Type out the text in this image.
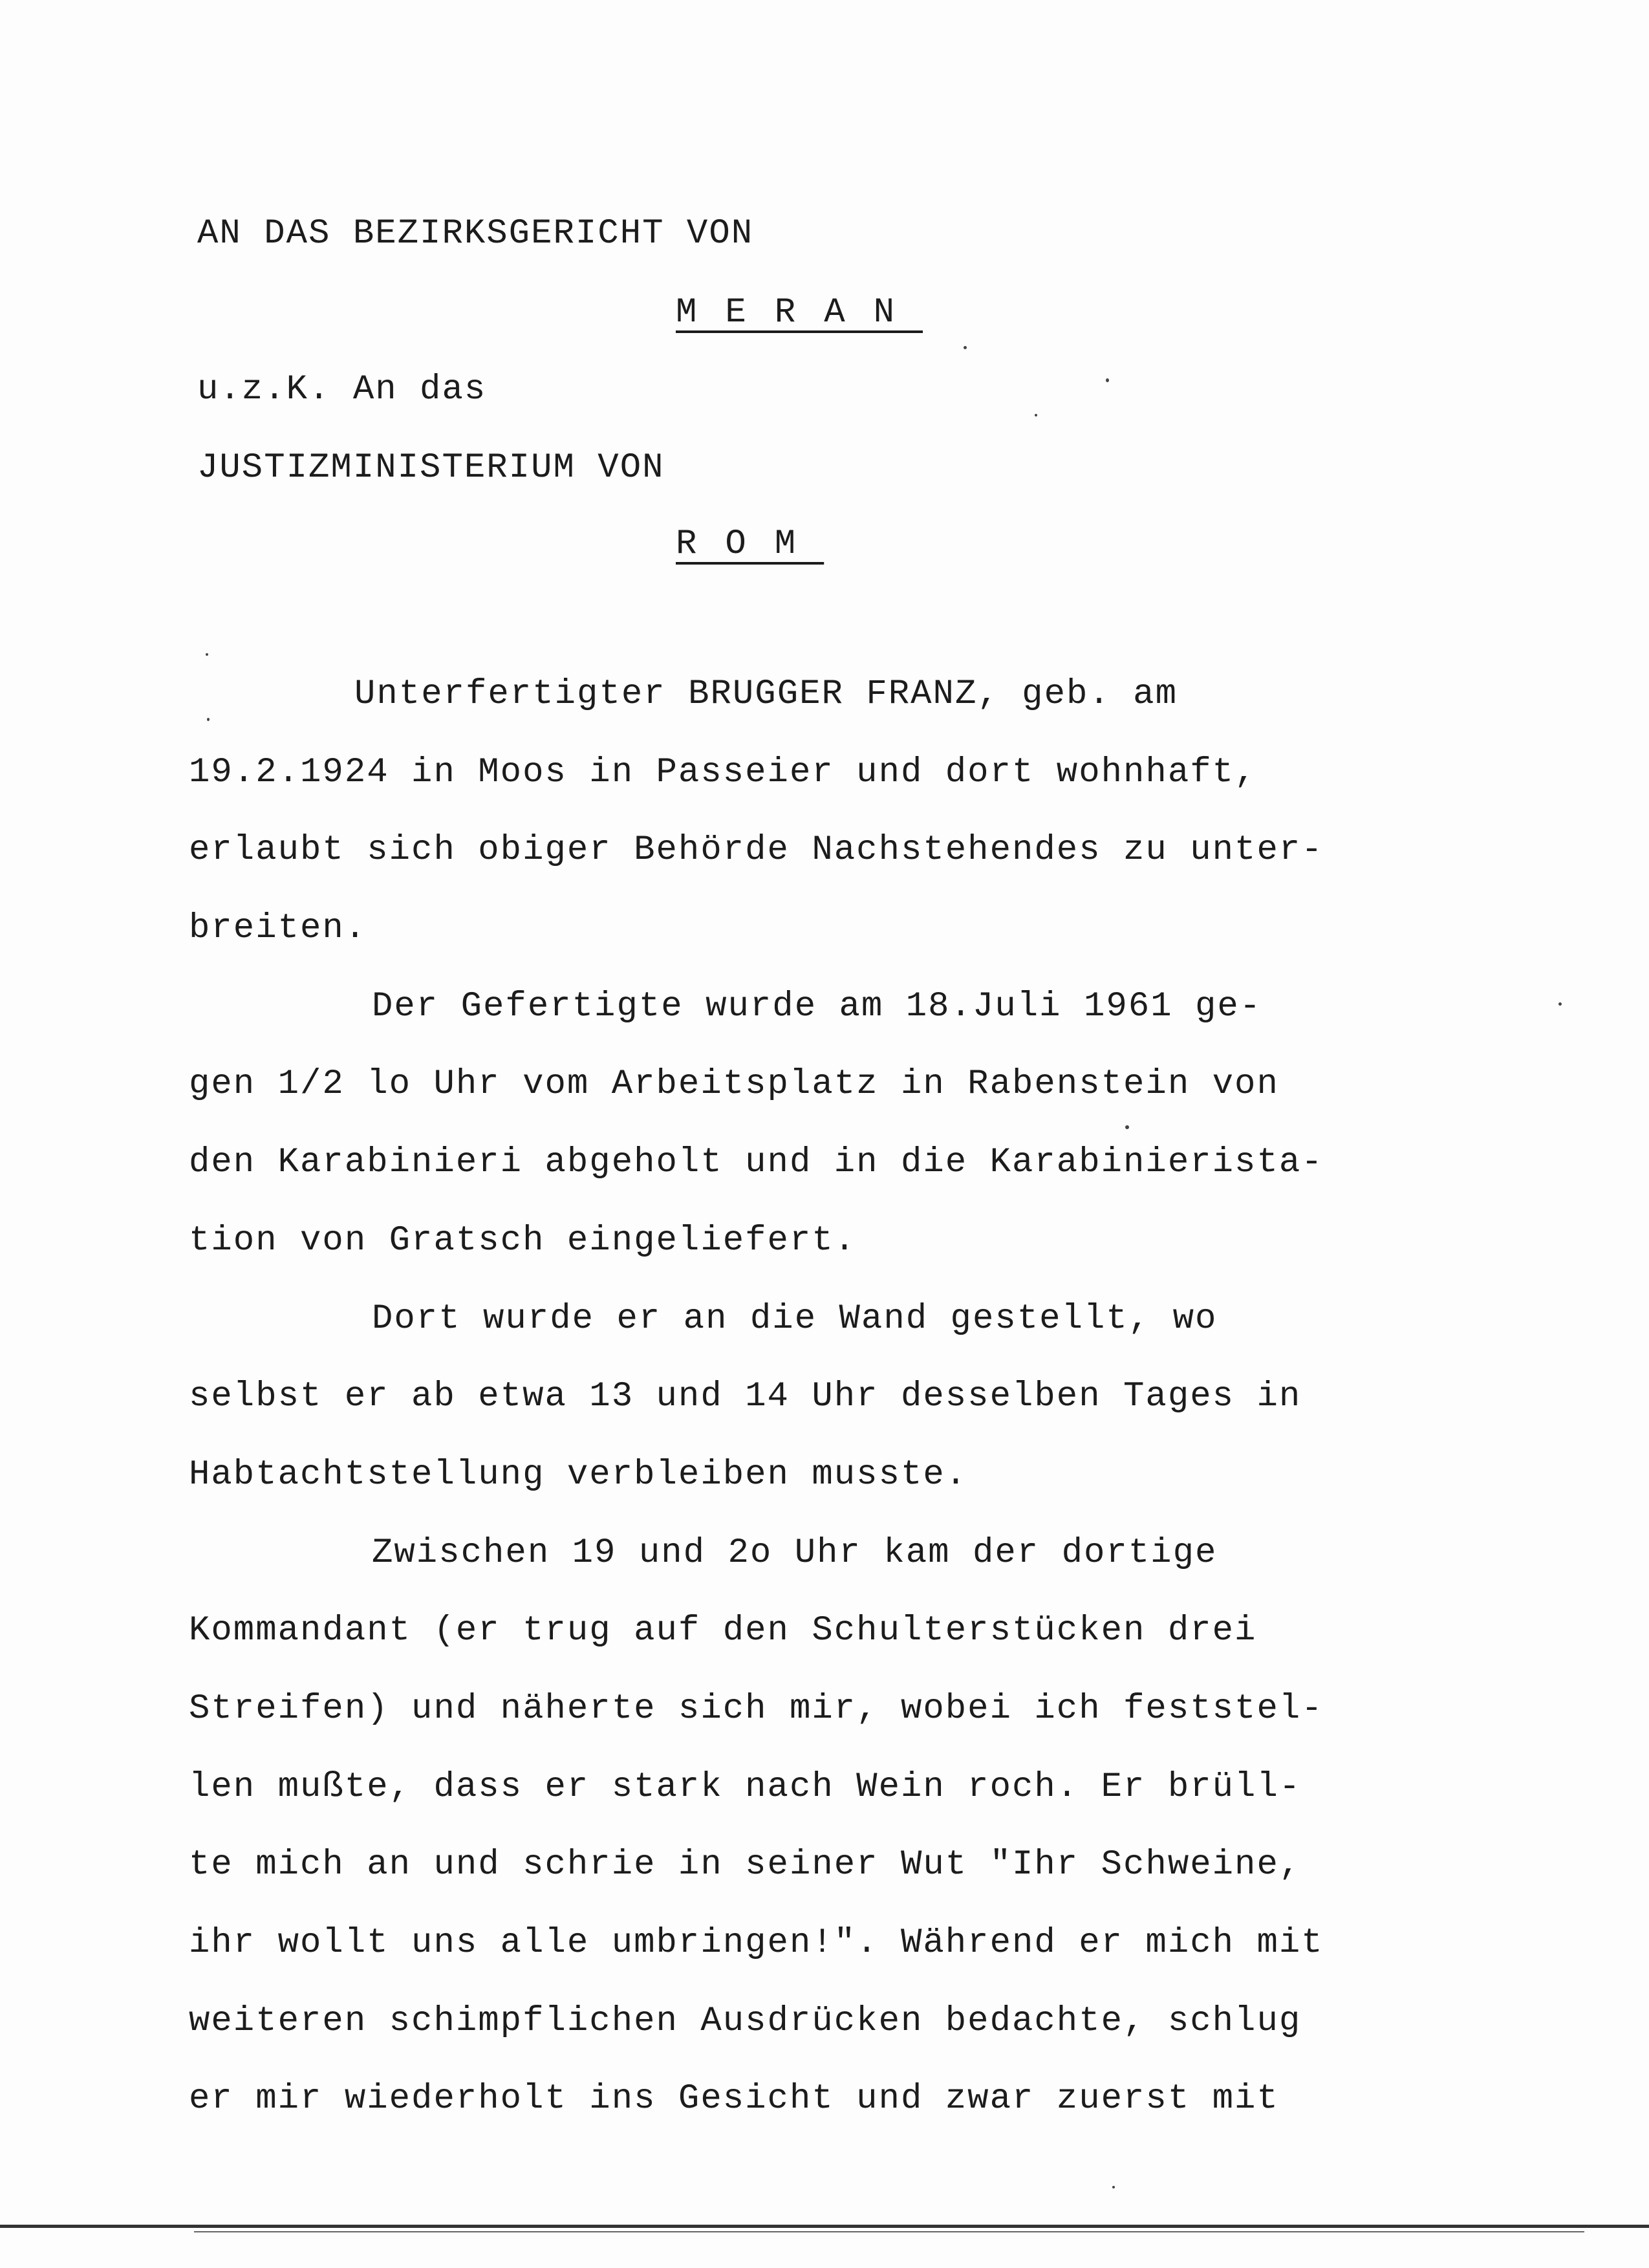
AN DAS BEZIRKSGERICHT VON
MERAN
u.z.K. An das
JUSTIZMINISTERIUM VON
ROM
Unterfertigter BRUGGER FRANZ, geb. am
19.2.1924 in Moos in Passeier und dort wohnhaft,
erlaubt sich obiger Behörde Nachstehendes zu unter-
breiten.
Der Gefertigte wurde am 18.Juli 1961 ge-
gen 1/2 lo Uhr vom Arbeitsplatz in Rabenstein von
den Karabinieri abgeholt und in die Karabinierista-
tion von Gratsch eingeliefert.
Dort wurde er an die Wand gestellt, wo
selbst er ab etwa 13 und 14 Uhr desselben Tages in
Habtachtstellung verbleiben musste.
Zwischen 19 und 2o Uhr kam der dortige
Kommandant (er trug auf den Schulterstücken drei
Streifen) und näherte sich mir, wobei ich feststel-
len mußte, dass er stark nach Wein roch. Er brüll-
te mich an und schrie in seiner Wut "Ihr Schweine,
ihr wollt uns alle umbringen!". Während er mich mit
weiteren schimpflichen Ausdrücken bedachte, schlug
er mir wiederholt ins Gesicht und zwar zuerst mit
